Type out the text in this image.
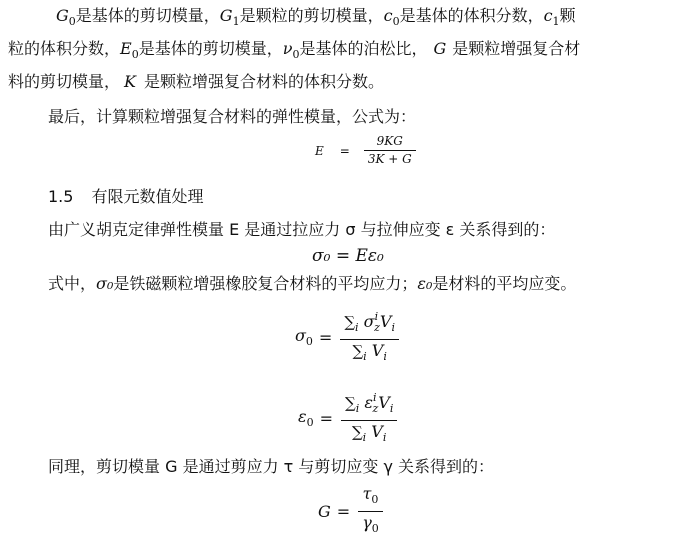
$G_0$是基体的剪切模量，$G_1$是颗粒的剪切模量，$c_0$是基体的体积分数，$c_1$颗
粒的体积分数，$E_0$是基体的剪切模量，$\nu_0$是基体的泊松比， G 是颗粒增强复合材
料的剪切模量， K 是颗粒增强复合材料的体积分数。
最后，计算颗粒增强复合材料的弹性模量，公式为：
$E = \frac{9KG}{3K + G}$
1.5 有限元数值处理
由广义胡克定律弹性模量 E 是通过拉应力 σ 与拉伸应变 ε 关系得到的：
σ₀ = Eε₀
式中，σ₀是铁磁颗粒增强橡胶复合材料的平均应力；ε₀是材料的平均应变。
$\sigma_0 = \frac{\sum_i \sigma^i_zV_i}{\sum_i V_i}$
$\varepsilon_0 = \frac{\sum_i \varepsilon^i_zV_i}{\sum_i V_i}$
同理，剪切模量 G 是通过剪应力 τ 与剪切应变 γ 关系得到的：
$G = \frac{\tau_0}{\gamma_0}$
